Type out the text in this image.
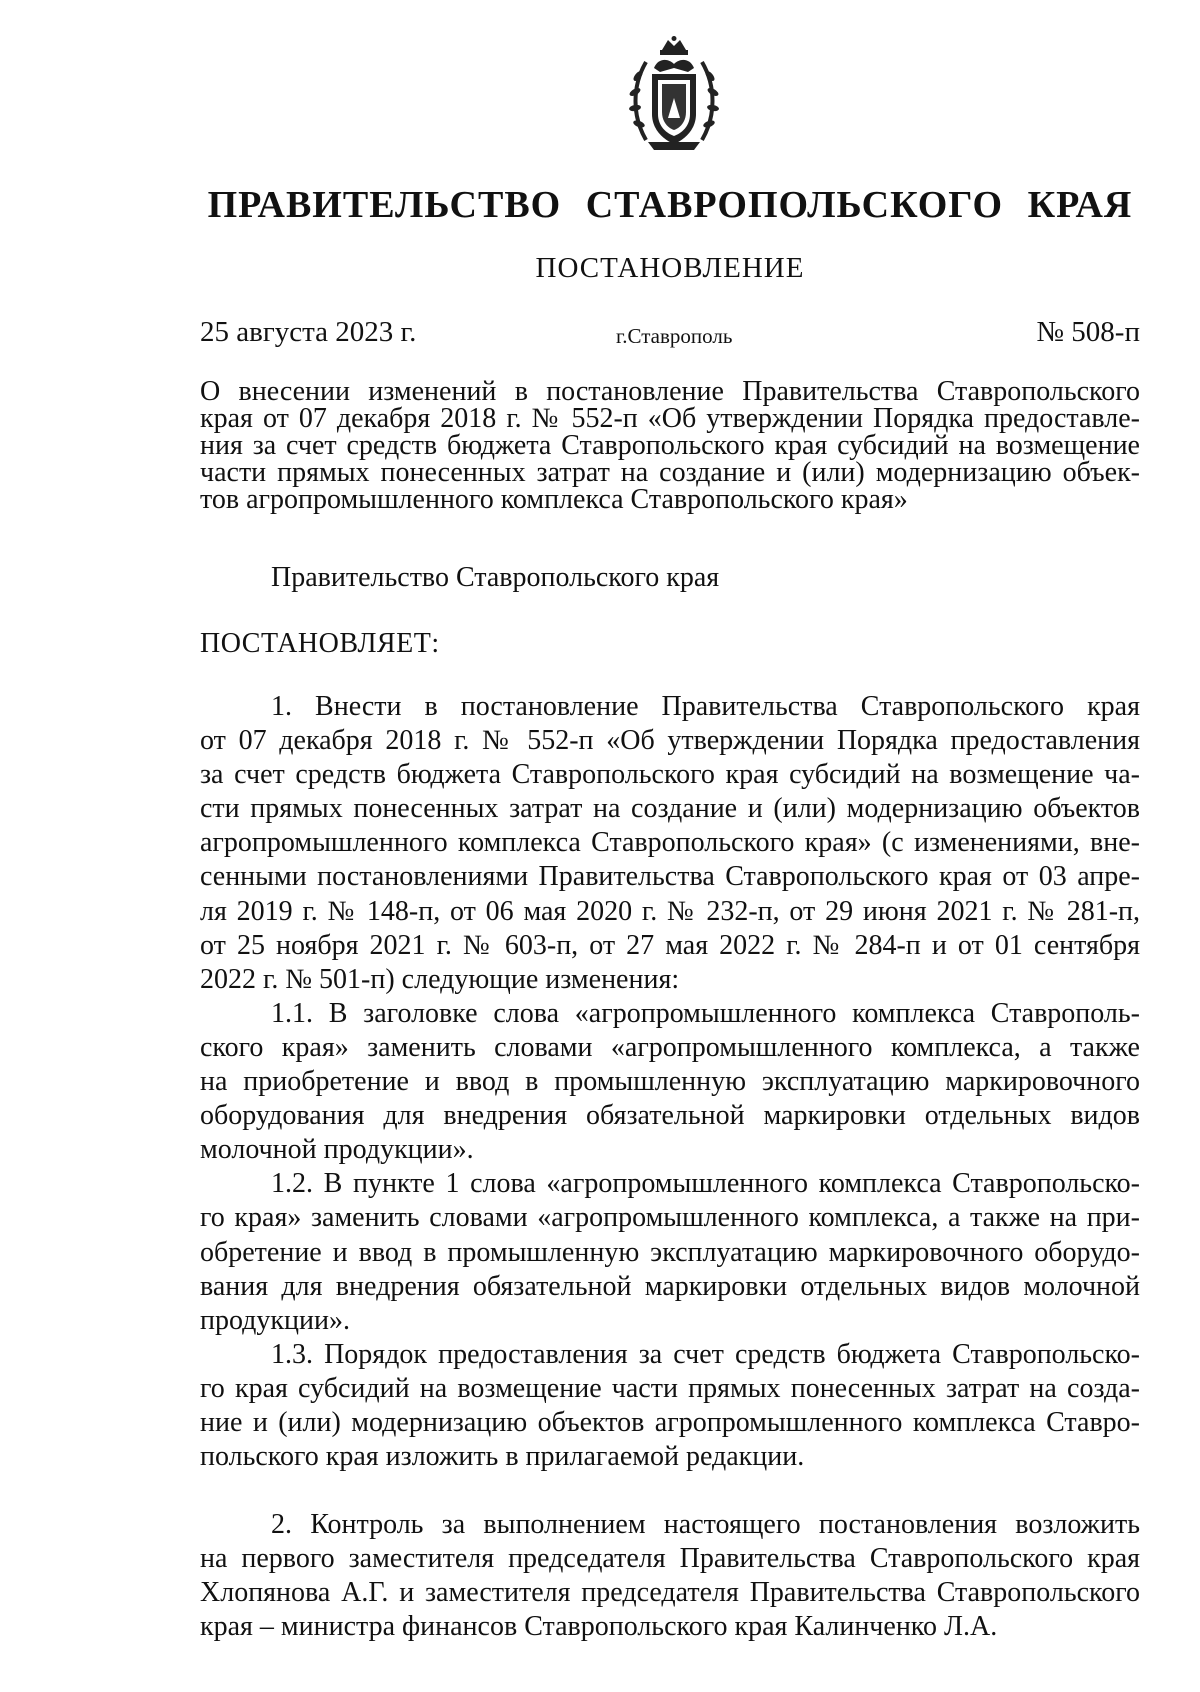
ПРАВИТЕЛЬСТВО СТАВРОПОЛЬСКОГО КРАЯ
ПОСТАНОВЛЕНИЕ
25 августа 2023 г.	г.Ставрополь	№ 508-п
О внесении изменений в постановление Правительства Ставропольского
края от 07 декабря 2018 г. № 552-п «Об утверждении Порядка предоставле-
ния за счет средств бюджета Ставропольского края субсидий на возмещение
части прямых понесенных затрат на создание и (или) модернизацию объек-
тов агропромышленного комплекса Ставропольского края»
Правительство Ставропольского края
ПОСТАНОВЛЯЕТ:
1. Внести в постановление Правительства Ставропольского края
от 07 декабря 2018 г. № 552-п «Об утверждении Порядка предоставления
за счет средств бюджета Ставропольского края субсидий на возмещение ча-
сти прямых понесенных затрат на создание и (или) модернизацию объектов
агропромышленного комплекса Ставропольского края» (с изменениями, вне-
сенными постановлениями Правительства Ставропольского края от 03 апре-
ля 2019 г. № 148-п, от 06 мая 2020 г. № 232-п, от 29 июня 2021 г. № 281-п,
от 25 ноября 2021 г. № 603-п, от 27 мая 2022 г. № 284-п и от 01 сентября
2022 г. № 501-п) следующие изменения:
1.1. В заголовке слова «агропромышленного комплекса Ставрополь-
ского края» заменить словами «агропромышленного комплекса, а также
на приобретение и ввод в промышленную эксплуатацию маркировочного
оборудования для внедрения обязательной маркировки отдельных видов
молочной продукции».
1.2. В пункте 1 слова «агропромышленного комплекса Ставропольско-
го края» заменить словами «агропромышленного комплекса, а также на при-
обретение и ввод в промышленную эксплуатацию маркировочного оборудо-
вания для внедрения обязательной маркировки отдельных видов молочной
продукции».
1.3. Порядок предоставления за счет средств бюджета Ставропольско-
го края субсидий на возмещение части прямых понесенных затрат на созда-
ние и (или) модернизацию объектов агропромышленного комплекса Ставро-
польского края изложить в прилагаемой редакции.
2. Контроль за выполнением настоящего постановления возложить
на первого заместителя председателя Правительства Ставропольского края
Хлопянова А.Г. и заместителя председателя Правительства Ставропольского
края – министра финансов Ставропольского края Калинченко Л.А.
